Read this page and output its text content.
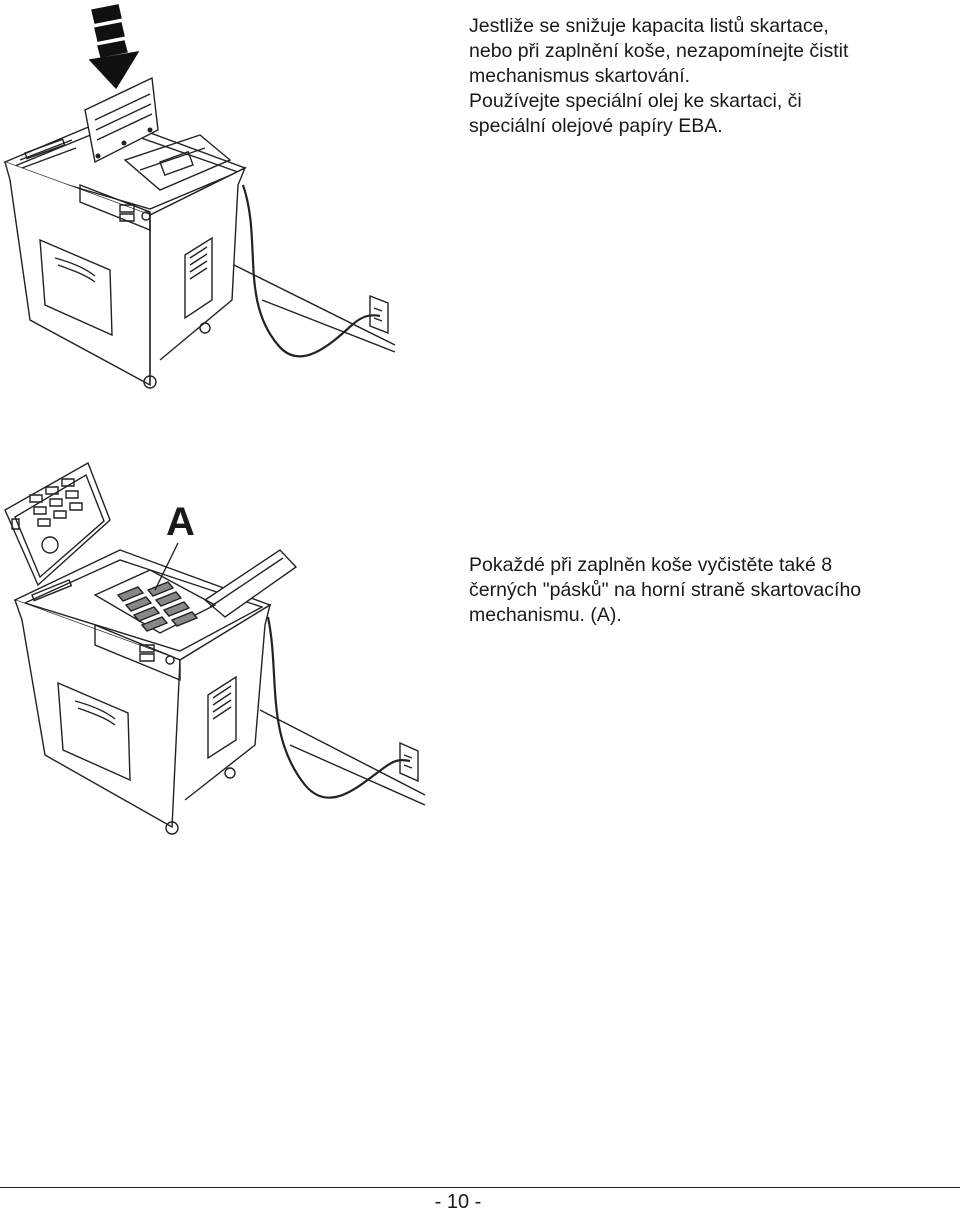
A

Jestliže se snižuje kapacita listů skartace,

nebo při zaplnění koše, nezapomínejte čistit

mechanismus skartování.

Používejte speciální olej ke skartaci, či

speciální olejové papíry EBA.

Pokaždé při zaplněn koše vyčistěte také 8

černých "pásků" na horní straně skartovacího

mechanismu. (A).

- 10 -
